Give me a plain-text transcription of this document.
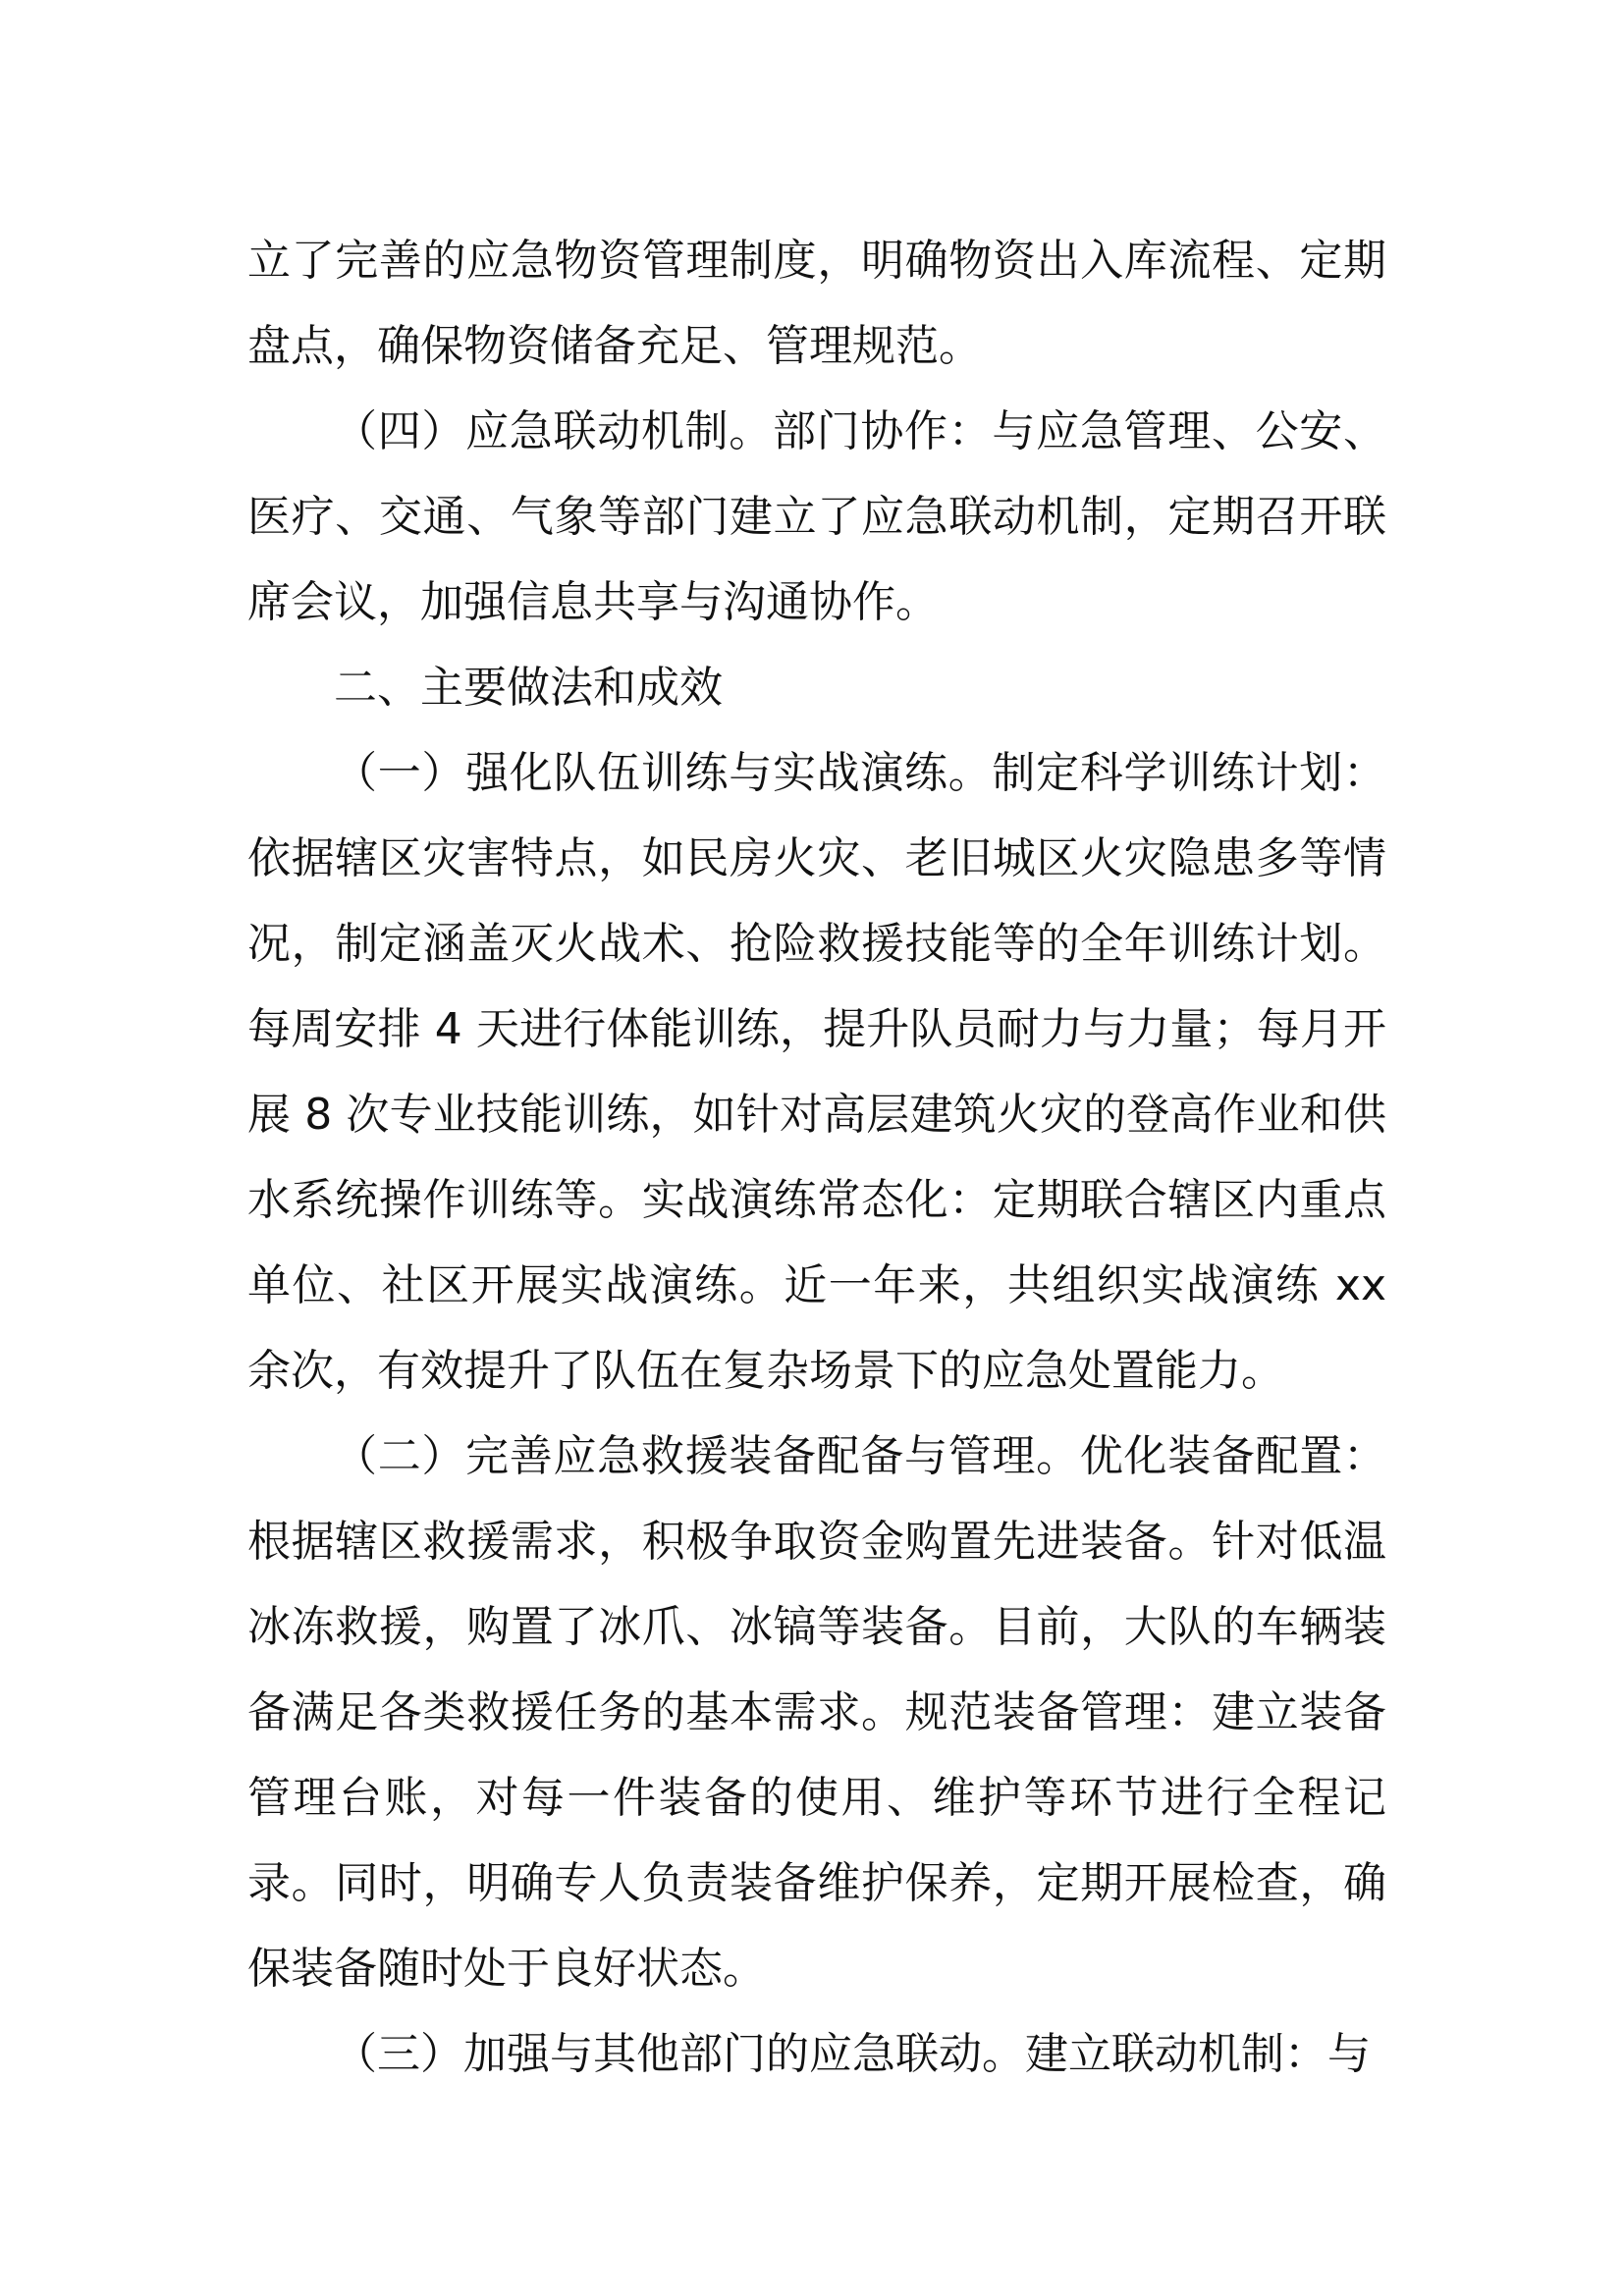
立了完善的应急物资管理制度，明确物资出入库流程、定期盘点，确保物资储备充足、管理规范。

（四）应急联动机制。部门协作：与应急管理、公安、医疗、交通、气象等部门建立了应急联动机制，定期召开联席会议，加强信息共享与沟通协作。

二、主要做法和成效

（一）强化队伍训练与实战演练。制定科学训练计划：依据辖区灾害特点，如民房火灾、老旧城区火灾隐患多等情况，制定涵盖灭火战术、抢险救援技能等的全年训练计划。每周安排 4 天进行体能训练，提升队员耐力与力量；每月开展 8 次专业技能训练，如针对高层建筑火灾的登高作业和供水系统操作训练等。实战演练常态化：定期联合辖区内重点单位、社区开展实战演练。近一年来，共组织实战演练 xx 余次，有效提升了队伍在复杂场景下的应急处置能力。

（二）完善应急救援装备配备与管理。优化装备配置：根据辖区救援需求，积极争取资金购置先进装备。针对低温冰冻救援，购置了冰爪、冰镐等装备。目前，大队的车辆装备满足各类救援任务的基本需求。规范装备管理：建立装备管理台账，对每一件装备的使用、维护等环节进行全程记录。同时，明确专人负责装备维护保养，定期开展检查，确保装备随时处于良好状态。

（三）加强与其他部门的应急联动。建立联动机制：与
